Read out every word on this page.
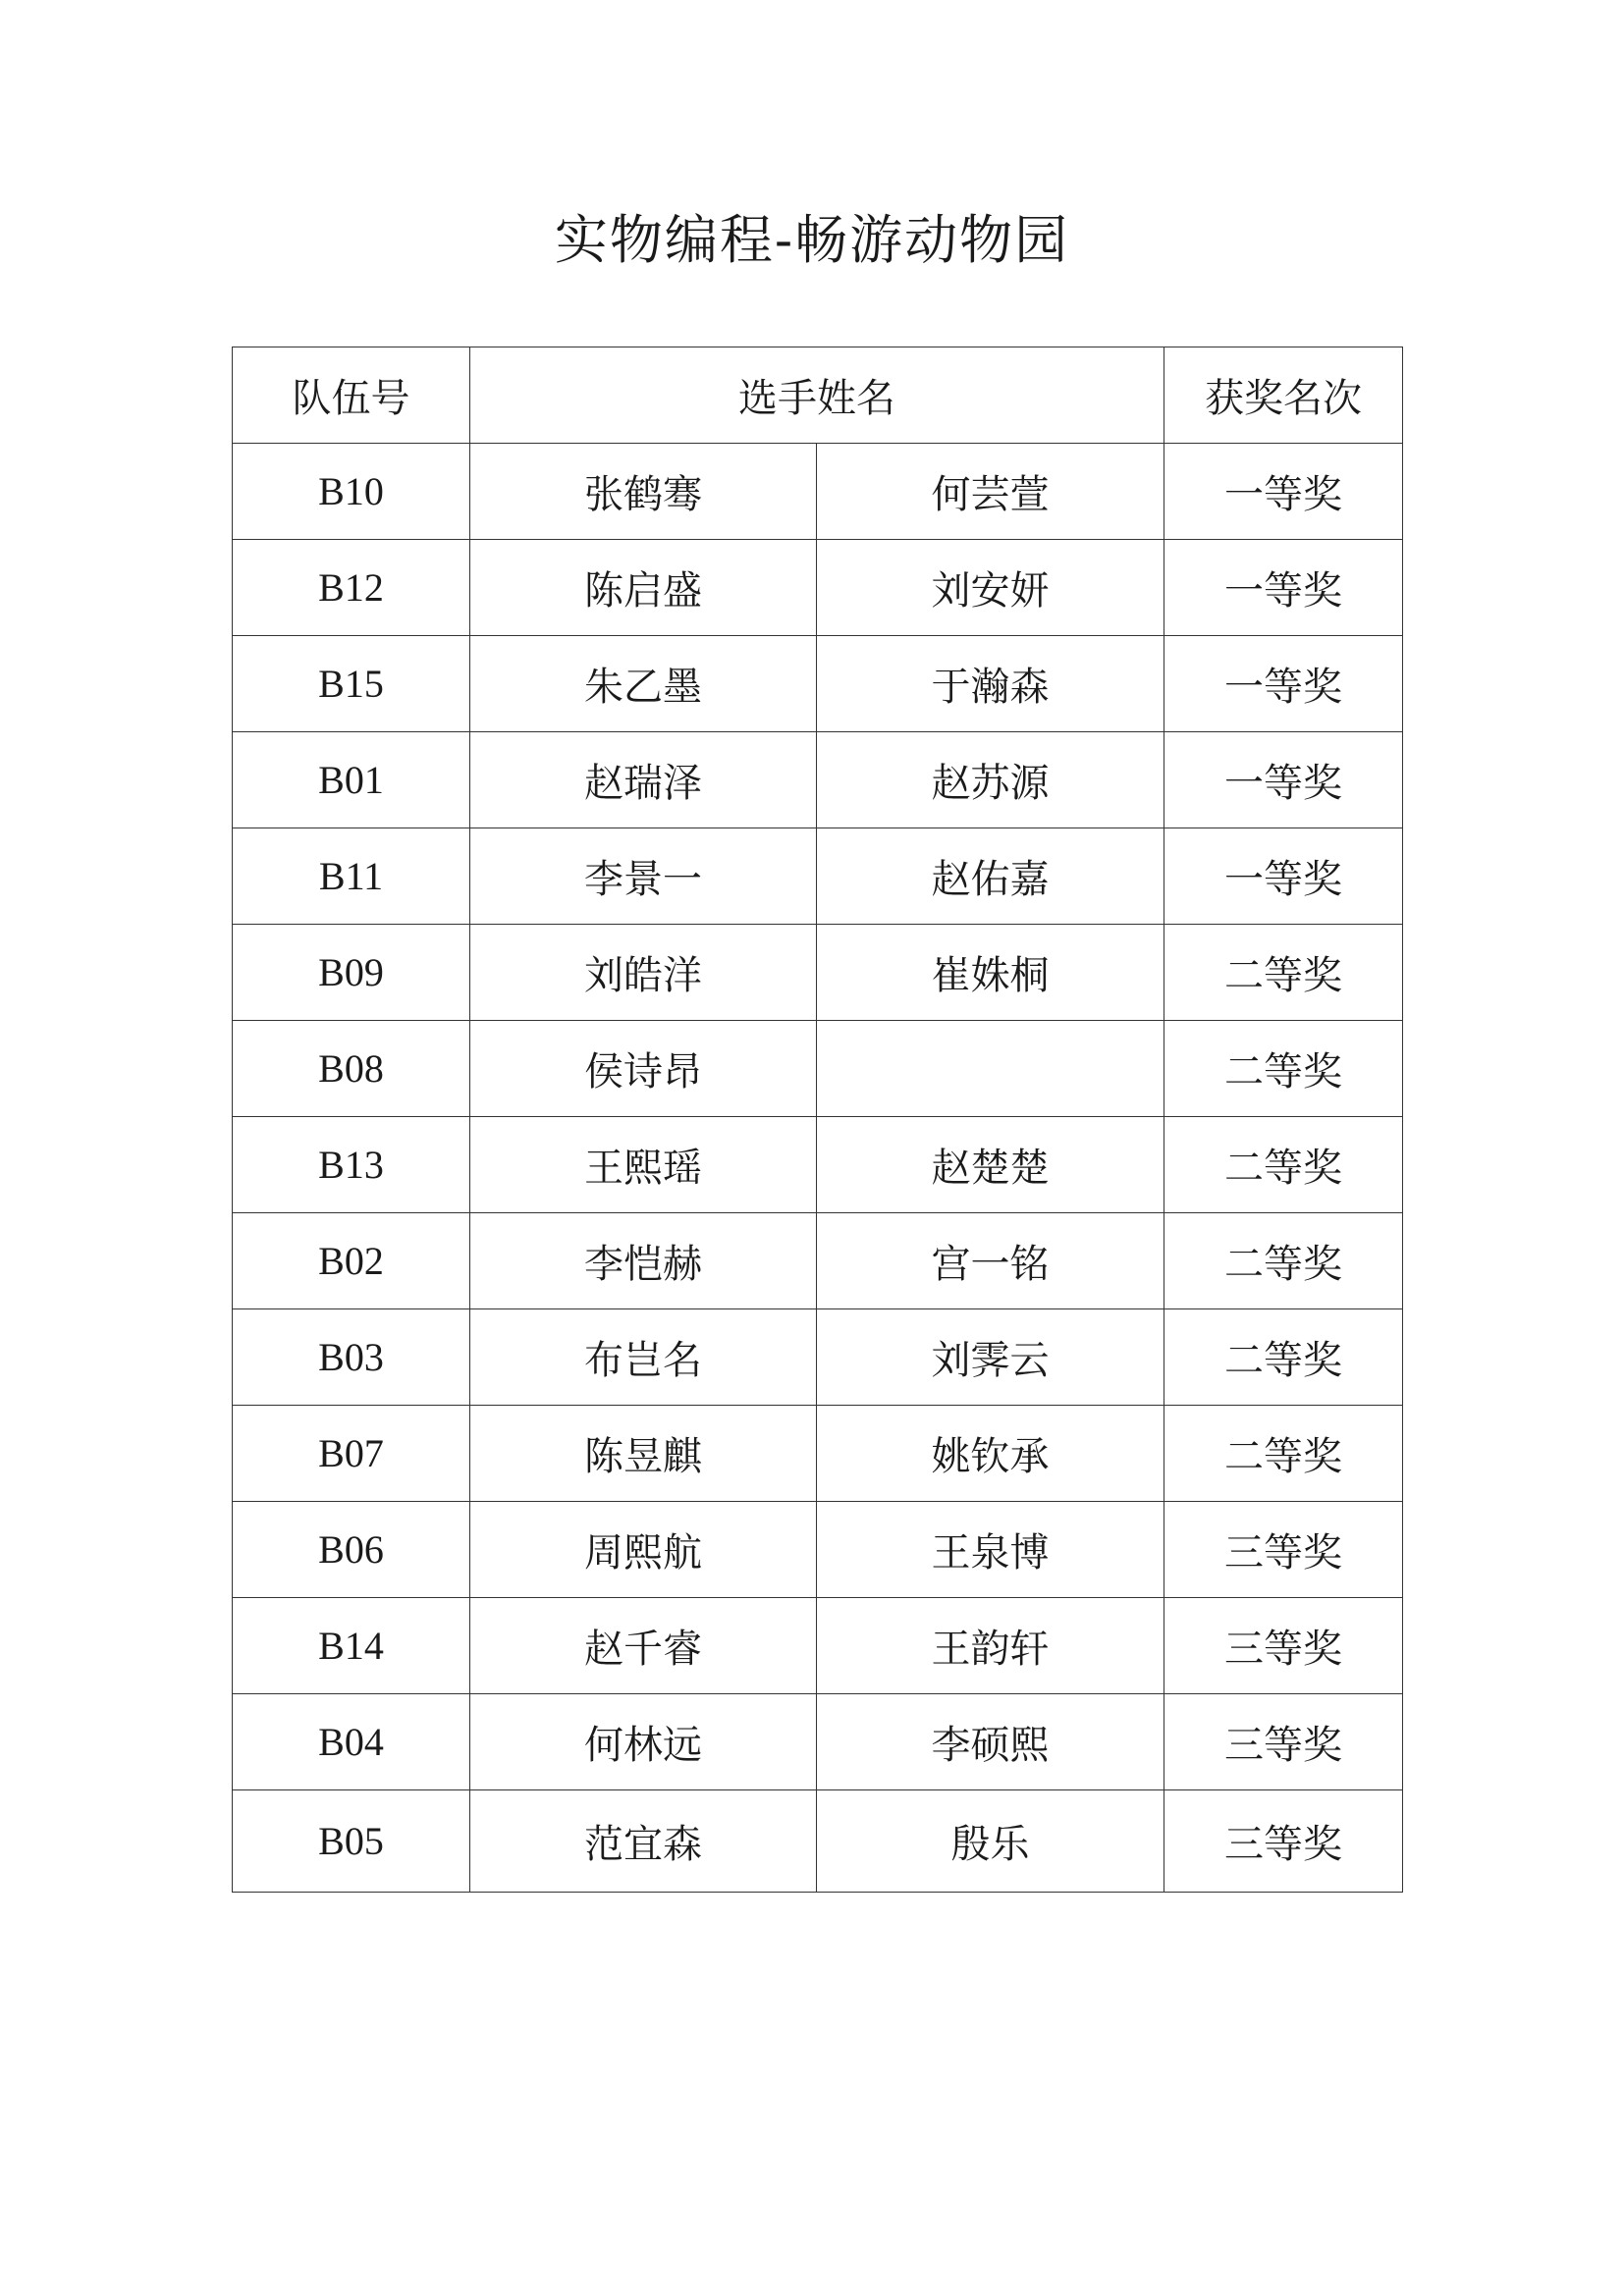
实物编程-畅游动物园
队伍号	选手姓名		获奖名次
B10	张鹤骞	何芸萱	一等奖
B12	陈启盛	刘安妍	一等奖
B15	朱乙墨	于瀚森	一等奖
B01	赵瑞泽	赵苏源	一等奖
B11	李景一	赵佑嘉	一等奖
B09	刘皓洋	崔姝桐	二等奖
B08	侯诗昂		二等奖
B13	王熙瑶	赵楚楚	二等奖
B02	李恺赫	宫一铭	二等奖
B03	布岂名	刘霁云	二等奖
B07	陈昱麒	姚钦承	二等奖
B06	周熙航	王泉博	三等奖
B14	赵千睿	王韵轩	三等奖
B04	何林远	李硕熙	三等奖
B05	范宜森	殷乐	三等奖
